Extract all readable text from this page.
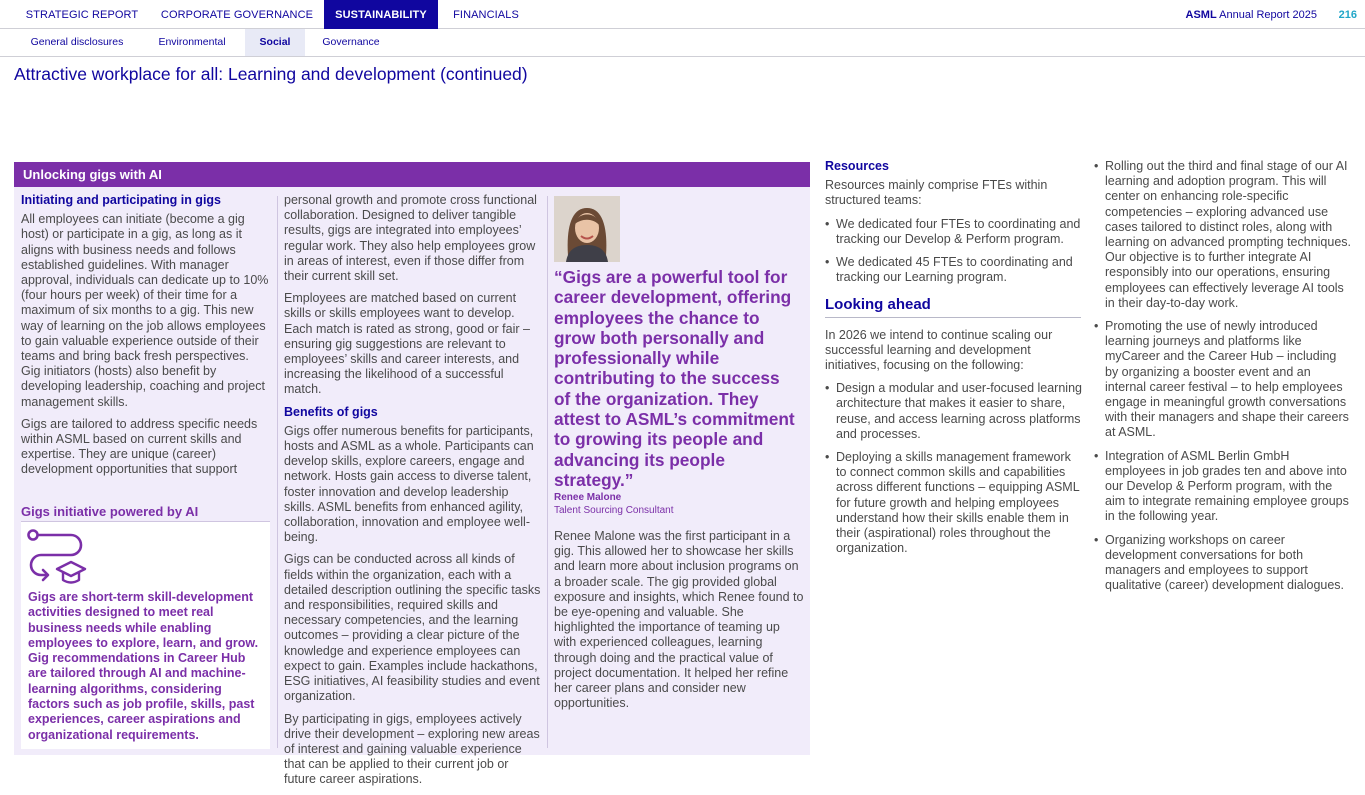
STRATEGIC REPORT	CORPORATE GOVERNANCE	SUSTAINABILITY	FINANCIALS	ASML Annual Report 2025 216
General disclosures	Environmental	Social	Governance
Attractive workplace for all: Learning and development (continued)
Unlocking gigs with AI
Initiating and participating in gigs

All employees can initiate (become a gig host) or participate in a gig, as long as it aligns with business needs and follows established guidelines. With manager approval, individuals can dedicate up to 10% (four hours per week) of their time for a maximum of six months to a gig. This new way of learning on the job allows employees to gain valuable experience outside of their teams and bring back fresh perspectives. Gig initiators (hosts) also benefit by developing leadership, coaching and project management skills.

Gigs are tailored to address specific needs within ASML based on current skills and expertise. They are unique (career) development opportunities that support

Gigs initiative powered by AI
Gigs are short-term skill-development activities designed to meet real business needs while enabling employees to explore, learn, and grow. Gig recommendations in Career Hub are tailored through AI and machine-learning algorithms, considering factors such as job profile, skills, past experiences, career aspirations and organizational requirements.

personal growth and promote cross functional collaboration. Designed to deliver tangible results, gigs are integrated into employees’ regular work. They also help employees grow in areas of interest, even if those differ from their current skill set.

Employees are matched based on current skills or skills employees want to develop. Each match is rated as strong, good or fair – ensuring gig suggestions are relevant to employees’ skills and career interests, and increasing the likelihood of a successful match.

Benefits of gigs

Gigs offer numerous benefits for participants, hosts and ASML as a whole. Participants can develop skills, explore careers, engage and network. Hosts gain access to diverse talent, foster innovation and develop leadership skills. ASML benefits from enhanced agility, collaboration, innovation and employee well-being.

Gigs can be conducted across all kinds of fields within the organization, each with a detailed description outlining the specific tasks and responsibilities, required skills and necessary competencies, and the learning outcomes – providing a clear picture of the knowledge and experience employees can expect to gain. Examples include hackathons, ESG initiatives, AI feasibility studies and event organization.

By participating in gigs, employees actively drive their development – exploring new areas of interest and gaining valuable experience that can be applied to their current job or future career aspirations.

“Gigs are a powerful tool for career development, offering employees the chance to grow both personally and professionally while contributing to the success of the organization. They attest to ASML’s commitment to growing its people and advancing its people strategy.”
Renee Malone
Talent Sourcing Consultant

Renee Malone was the first participant in a gig. This allowed her to showcase her skills and learn more about inclusion programs on a broader scale. The gig provided global exposure and insights, which Renee found to be eye-opening and valuable. She highlighted the importance of teaming up with experienced colleagues, learning through doing and the practical value of project documentation. It helped her refine her career plans and consider new opportunities.

Resources

Resources mainly comprise FTEs within structured teams:

• We dedicated four FTEs to coordinating and tracking our Develop & Perform program.
• We dedicated 45 FTEs to coordinating and tracking our Learning program.
Looking ahead

In 2026 we intend to continue scaling our successful learning and development initiatives, focusing on the following:

• Design a modular and user-focused learning architecture that makes it easier to share, reuse, and access learning across platforms and processes.
• Deploying a skills management framework to connect common skills and capabilities across different functions – equipping ASML for future growth and helping employees understand how their skills enable them in their (aspirational) roles throughout the organization.
• Rolling out the third and final stage of our AI learning and adoption program. This will center on enhancing role-specific competencies – exploring advanced use cases tailored to distinct roles, along with learning on advanced prompting techniques. Our objective is to further integrate AI responsibly into our operations, ensuring employees can effectively leverage AI tools in their day-to-day work.
• Promoting the use of newly introduced learning journeys and platforms like myCareer and the Career Hub – including by organizing a booster event and an internal career festival – to help employees engage in meaningful growth conversations with their managers and shape their careers at ASML.
• Integration of ASML Berlin GmbH employees in job grades ten and above into our Develop & Perform program, with the aim to integrate remaining employee groups in the following year.
• Organizing workshops on career development conversations for both managers and employees to support qualitative (career) development dialogues.
